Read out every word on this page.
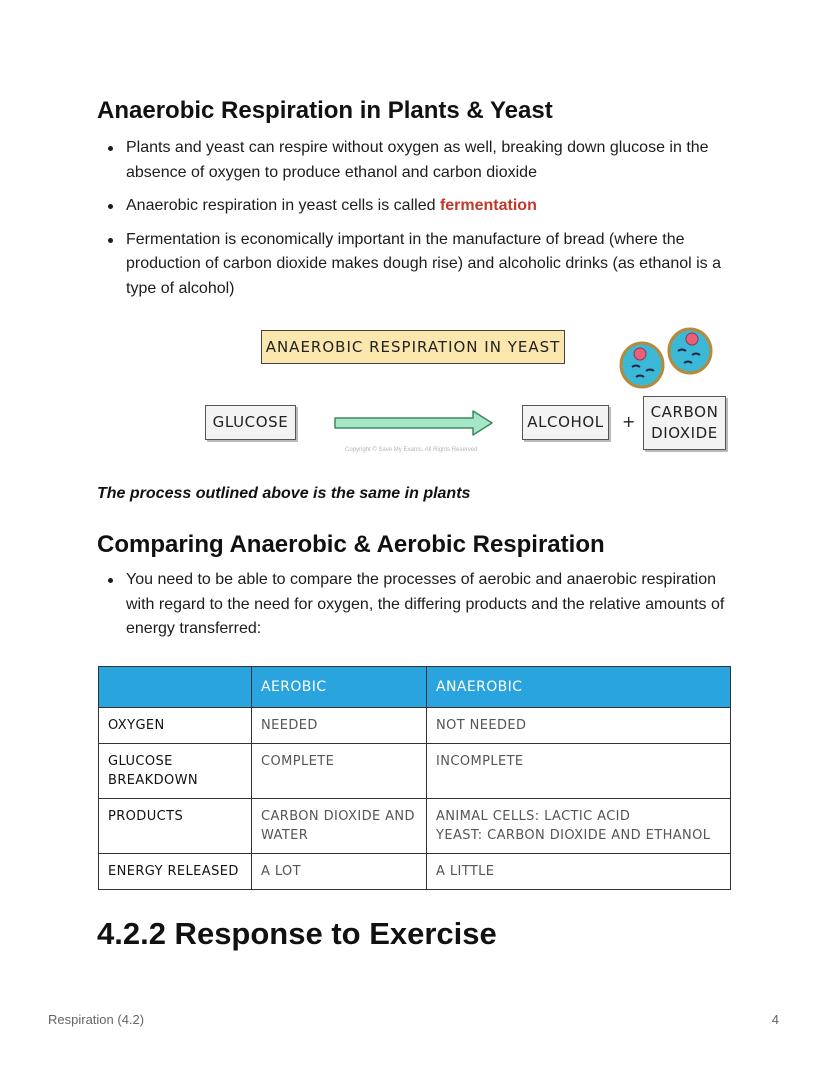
Anaerobic Respiration in Plants & Yeast
Plants and yeast can respire without oxygen as well, breaking down glucose in the absence of oxygen to produce ethanol and carbon dioxide
Anaerobic respiration in yeast cells is called fermentation
Fermentation is economically important in the manufacture of bread (where the production of carbon dioxide makes dough rise) and alcoholic drinks (as ethanol is a type of alcohol)
ANAEROBIC RESPIRATION IN YEAST
GLUCOSE	ALCOHOL	+ CARBON
DIOXIDE
Copyright © Save My Exams. All Rights Reserved
The process outlined above is the same in plants
Comparing Anaerobic & Aerobic Respiration
You need to be able to compare the processes of aerobic and anaerobic respiration with regard to the need for oxygen, the differing products and the relative amounts of energy transferred:
	AEROBIC	ANAEROBIC
OXYGEN	NEEDED	NOT NEEDED
GLUCOSE BREAKDOWN	COMPLETE	INCOMPLETE
PRODUCTS	CARBON DIOXIDE AND WATER	ANIMAL CELLS: LACTIC ACID
YEAST: CARBON DIOXIDE AND ETHANOL

ENERGY RELEASED	A LOT	A LITTLE
4.2.2 Response to Exercise
Respiration (4.2)	4
